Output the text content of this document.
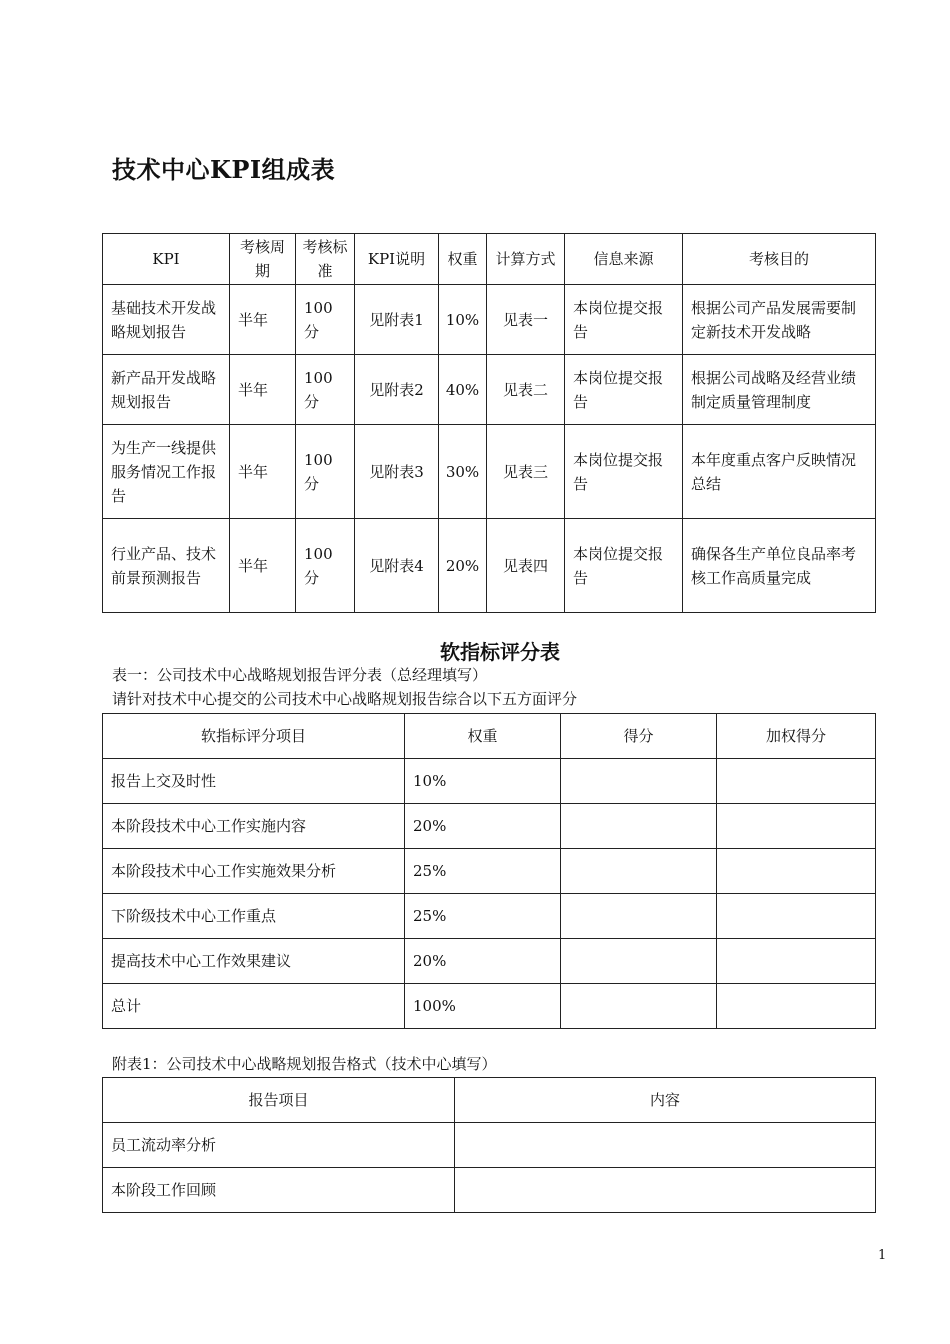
技术中心KPI组成表
KPI	考核周期	考核标准	KPI说明	权重	计算方式	信息来源	考核目的
基础技术开发战略规划报告	半年	100分	见附表1	10%	见表一	本岗位提交报告	根据公司产品发展需要制定新技术开发战略
新产品开发战略规划报告	半年	100分	见附表2	40%	见表二	本岗位提交报告	根据公司战略及经营业绩制定质量管理制度
为生产一线提供服务情况工作报告	半年	100分	见附表3	30%	见表三	本岗位提交报告	本年度重点客户反映情况总结
行业产品、技术前景预测报告	半年	100分	见附表4	20%	见表四	本岗位提交报告	确保各生产单位良品率考核工作高质量完成
软指标评分表
表一：公司技术中心战略规划报告评分表（总经理填写）
请针对技术中心提交的公司技术中心战略规划报告综合以下五方面评分
软指标评分项目	权重	得分	加权得分
报告上交及时性	10%		
本阶段技术中心工作实施内容	20%		
本阶段技术中心工作实施效果分析	25%		
下阶级技术中心工作重点	25%		
提高技术中心工作效果建议	20%		
总计	100%		
附表1：公司技术中心战略规划报告格式（技术中心填写）
报告项目	内容
员工流动率分析	
本阶段工作回顾	
1
